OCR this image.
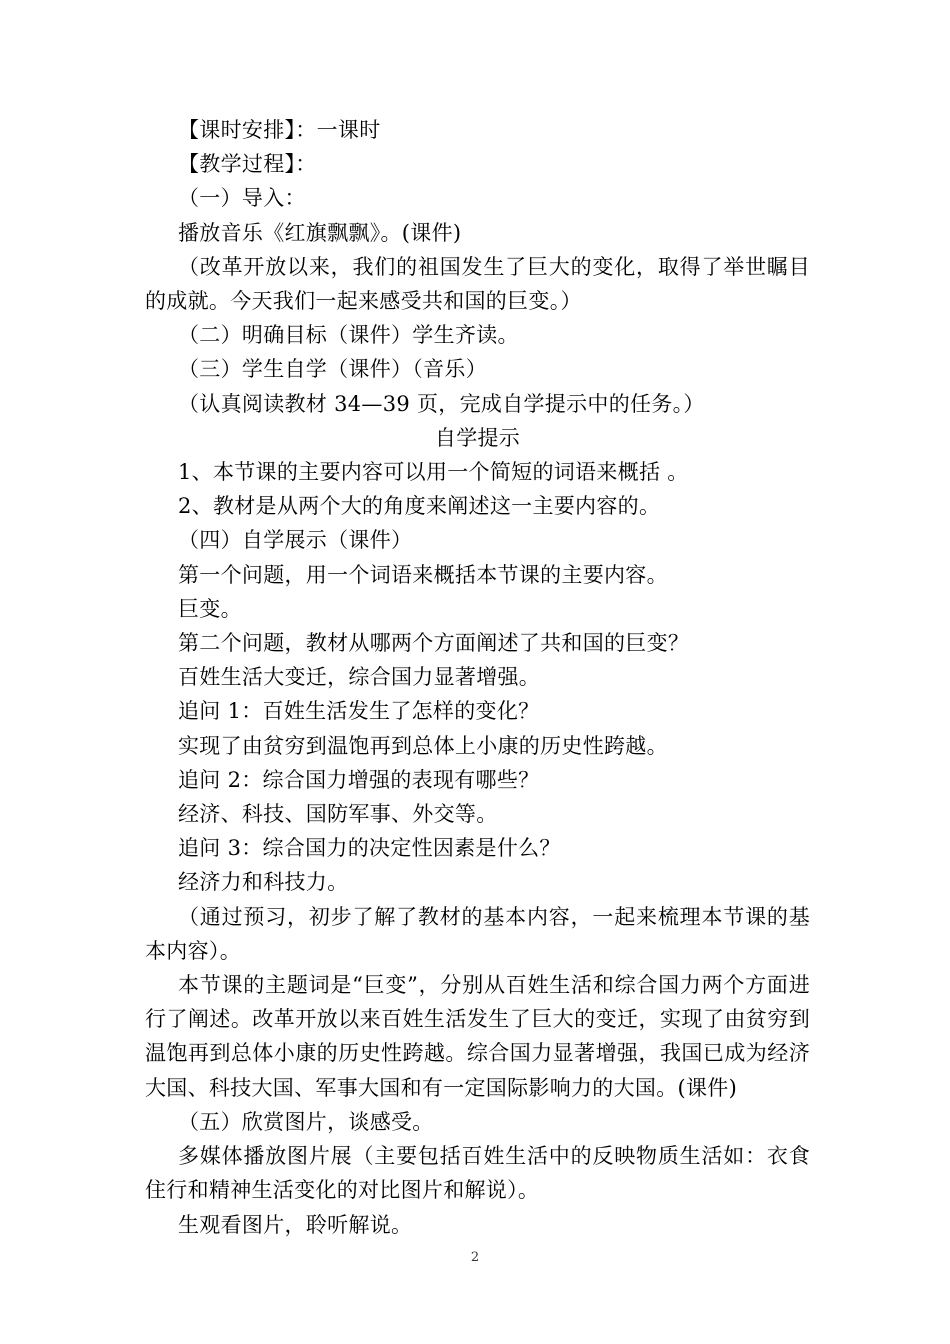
【课时安排】：一课时

【教学过程】：

（一）导入：

播放音乐《红旗飘飘》。(课件)

（改革开放以来，我们的祖国发生了巨大的变化，取得了举世瞩目的成就。今天我们一起来感受共和国的巨变。）

（二）明确目标（课件）学生齐读。

（三）学生自学（课件）（音乐）

（认真阅读教材 34—39 页，完成自学提示中的任务。）

自学提示

1、本节课的主要内容可以用一个简短的词语来概括 。

2、教材是从两个大的角度来阐述这一主要内容的。

（四）自学展示（课件）

第一个问题，用一个词语来概括本节课的主要内容。

巨变。

第二个问题，教材从哪两个方面阐述了共和国的巨变？

百姓生活大变迁，综合国力显著增强。

追问 1：百姓生活发生了怎样的变化？

实现了由贫穷到温饱再到总体上小康的历史性跨越。

追问 2：综合国力增强的表现有哪些？

经济、科技、国防军事、外交等。

追问 3：综合国力的决定性因素是什么？

经济力和科技力。

（通过预习，初步了解了教材的基本内容，一起来梳理本节课的基本内容）。

本节课的主题词是“巨变”，分别从百姓生活和综合国力两个方面进行了阐述。改革开放以来百姓生活发生了巨大的变迁，实现了由贫穷到温饱再到总体小康的历史性跨越。综合国力显著增强，我国已成为经济大国、科技大国、军事大国和有一定国际影响力的大国。(课件)

（五）欣赏图片，谈感受。

多媒体播放图片展（主要包括百姓生活中的反映物质生活如：衣食住行和精神生活变化的对比图片和解说）。

生观看图片，聆听解说。

2
